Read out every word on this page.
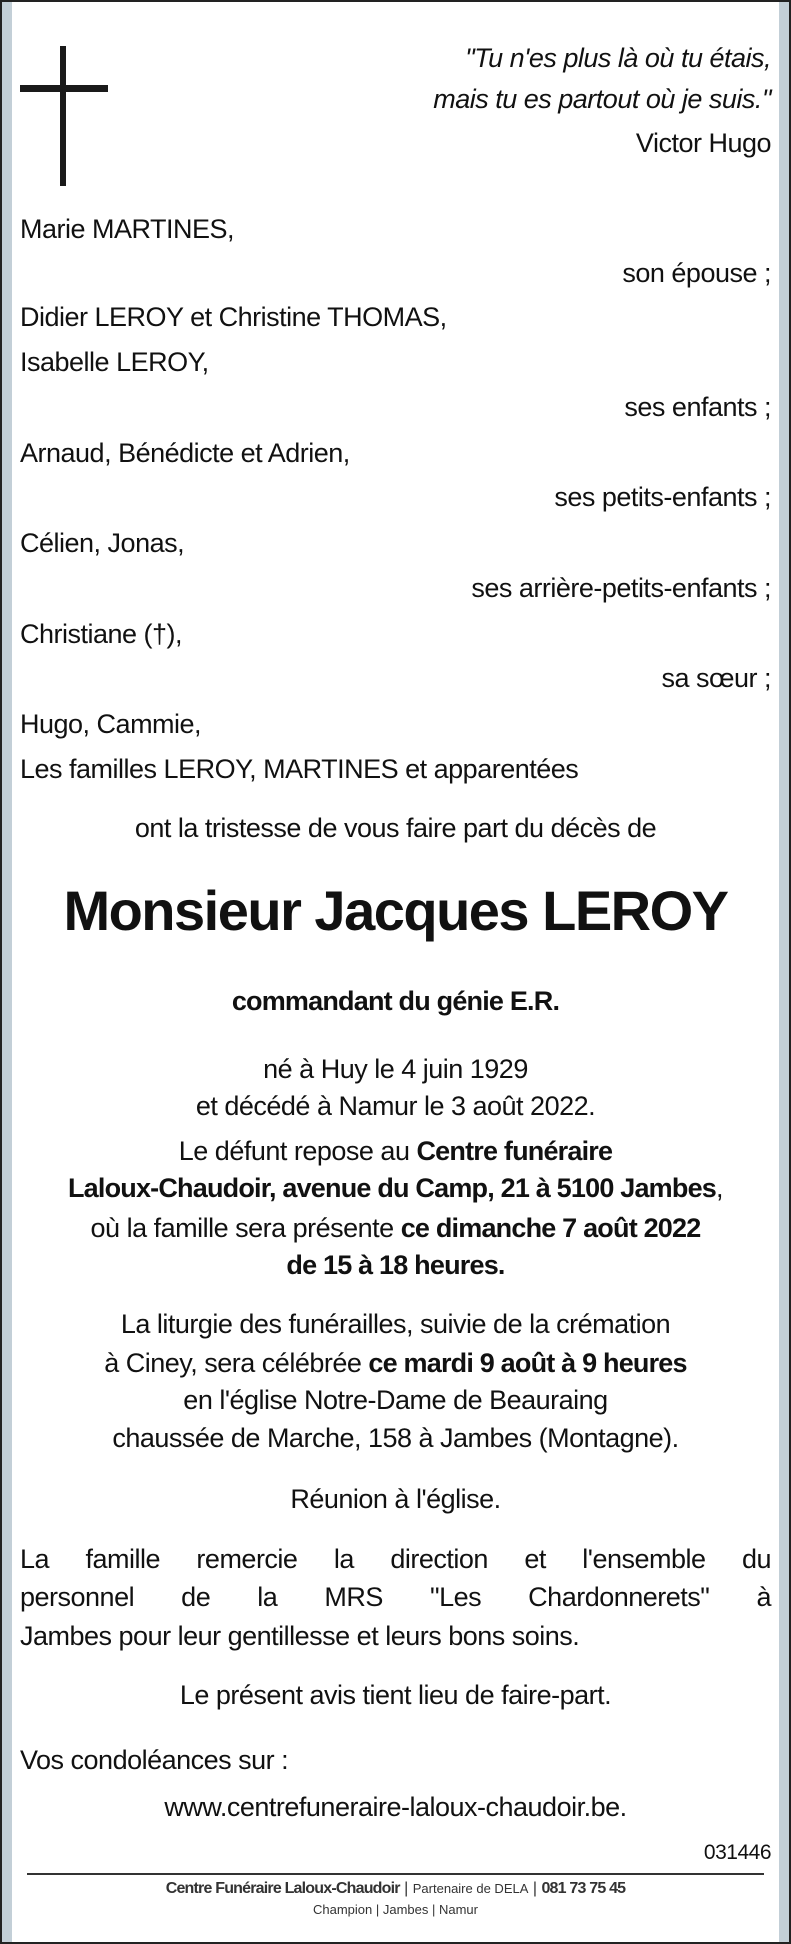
"Tu n'es plus là où tu étais,
mais tu es partout où je suis."
Victor Hugo
Marie MARTINES,
son épouse ;
Didier LEROY et Christine THOMAS,
Isabelle LEROY,
ses enfants ;
Arnaud, Bénédicte et Adrien,
ses petits-enfants ;
Célien, Jonas,
ses arrière-petits-enfants ;
Christiane (†),
sa sœur ;
Hugo, Cammie,
Les familles LEROY, MARTINES et apparentées
ont la tristesse de vous faire part du décès de
Monsieur Jacques LEROY
commandant du génie E.R.
né à Huy le 4 juin 1929
et décédé à Namur le 3 août 2022.
Le défunt repose au Centre funéraire
Laloux-Chaudoir, avenue du Camp, 21 à 5100 Jambes,
où la famille sera présente ce dimanche 7 août 2022
de 15 à 18 heures.
La liturgie des funérailles, suivie de la crémation
à Ciney, sera célébrée ce mardi 9 août à 9 heures
en l'église Notre-Dame de Beauraing
chaussée de Marche, 158 à Jambes (Montagne).
Réunion à l'église.
La famille remercie la direction et l'ensemble du
personnel de la MRS "Les Chardonnerets" à
Jambes pour leur gentillesse et leurs bons soins.
Le présent avis tient lieu de faire-part.
Vos condoléances sur :
www.centrefuneraire-laloux-chaudoir.be.
031446
Centre Funéraire Laloux-Chaudoir | Partenaire de DELA | 081 73 75 45
Champion | Jambes | Namur
